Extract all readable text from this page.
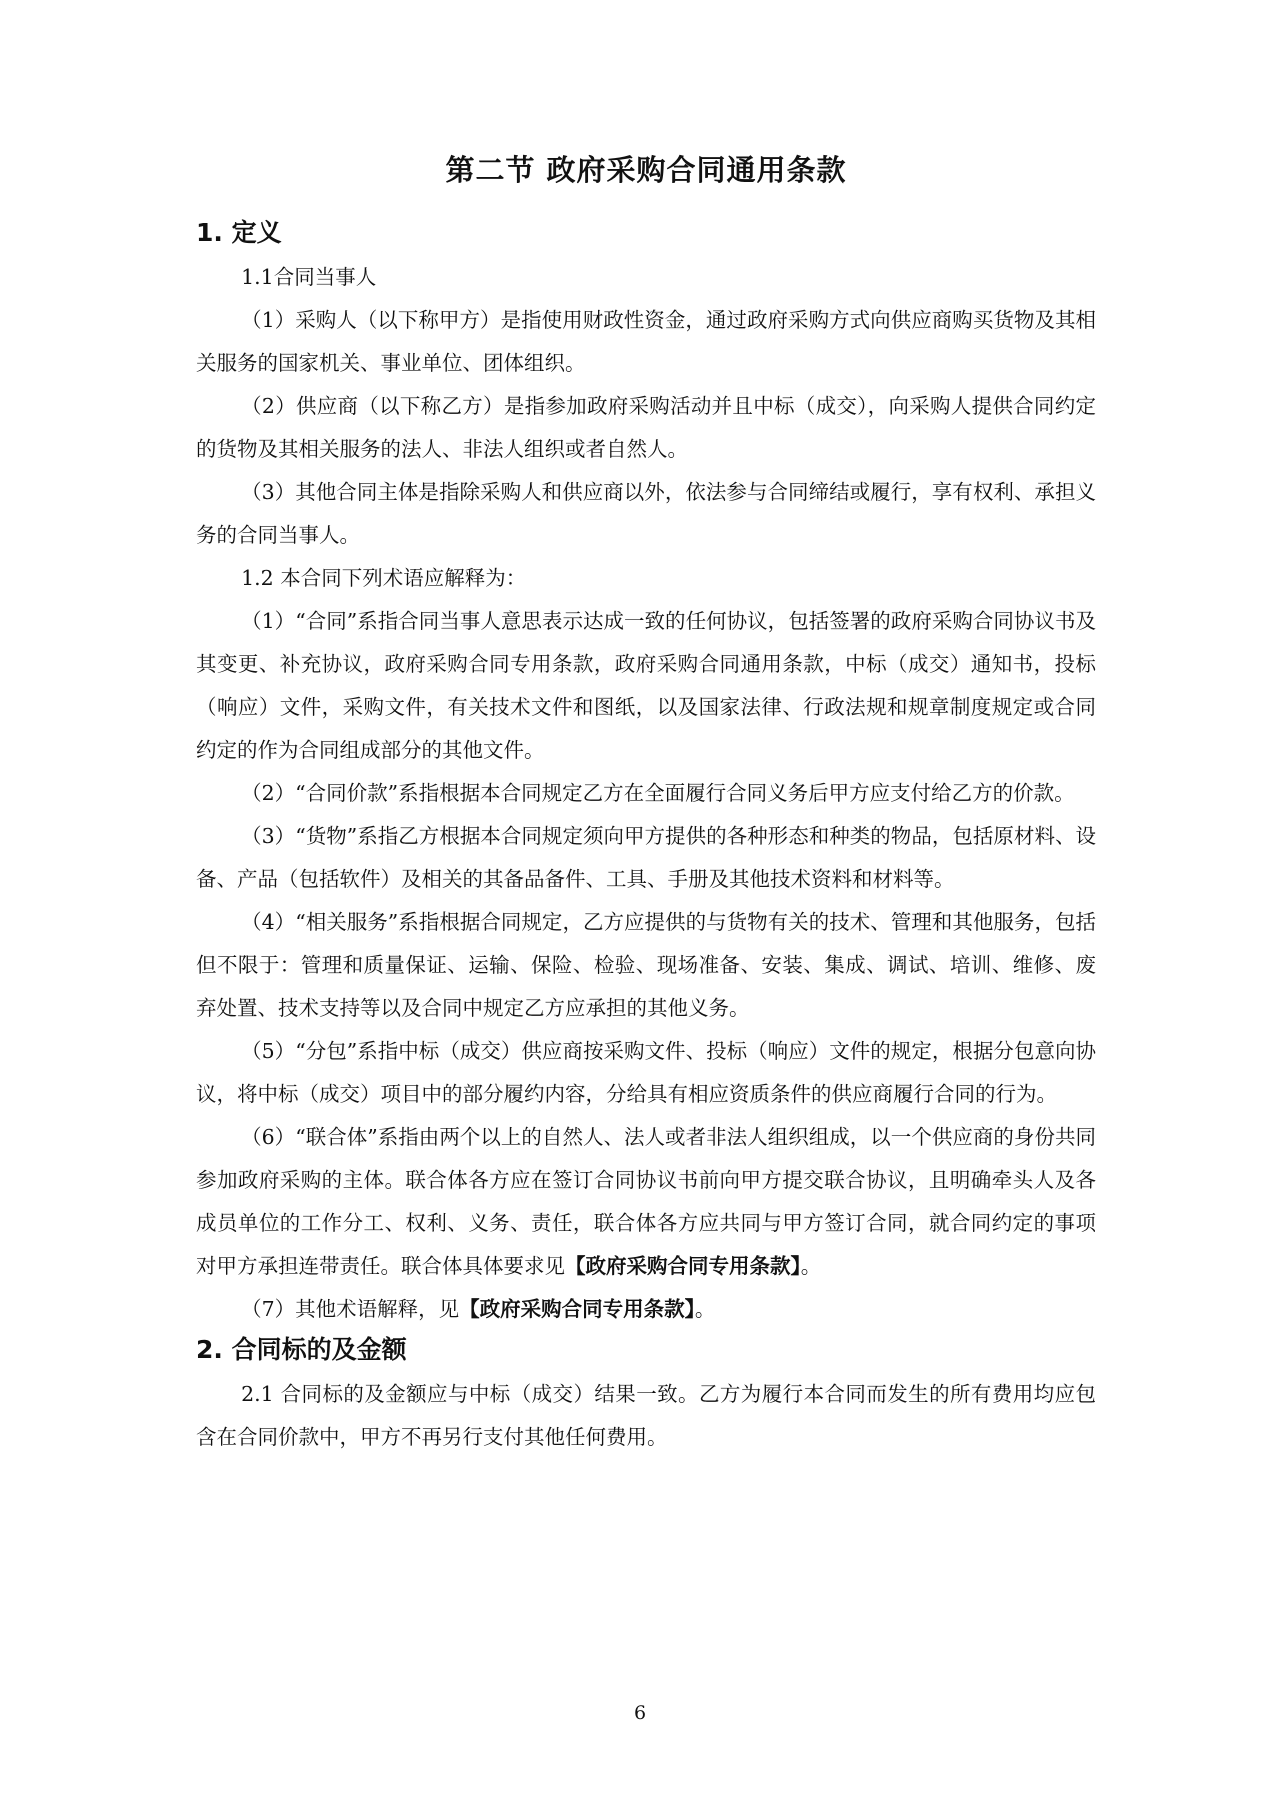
第二节 政府采购合同通用条款
1. 定义

1.1合同当事人

（1）采购人（以下称甲方）是指使用财政性资金，通过政府采购方式向供应商购买货物及其相关服务的国家机关、事业单位、团体组织。

（2）供应商（以下称乙方）是指参加政府采购活动并且中标（成交），向采购人提供合同约定的货物及其相关服务的法人、非法人组织或者自然人。

（3）其他合同主体是指除采购人和供应商以外，依法参与合同缔结或履行，享有权利、承担义务的合同当事人。

1.2 本合同下列术语应解释为：

（1）“合同”系指合同当事人意思表示达成一致的任何协议，包括签署的政府采购合同协议书及其变更、补充协议，政府采购合同专用条款，政府采购合同通用条款，中标（成交）通知书，投标（响应）文件，采购文件，有关技术文件和图纸，以及国家法律、行政法规和规章制度规定或合同约定的作为合同组成部分的其他文件。

（2）“合同价款”系指根据本合同规定乙方在全面履行合同义务后甲方应支付给乙方的价款。

（3）“货物”系指乙方根据本合同规定须向甲方提供的各种形态和种类的物品，包括原材料、设备、产品（包括软件）及相关的其备品备件、工具、手册及其他技术资料和材料等。

（4）“相关服务”系指根据合同规定，乙方应提供的与货物有关的技术、管理和其他服务，包括但不限于：管理和质量保证、运输、保险、检验、现场准备、安装、集成、调试、培训、维修、废弃处置、技术支持等以及合同中规定乙方应承担的其他义务。

（5）“分包”系指中标（成交）供应商按采购文件、投标（响应）文件的规定，根据分包意向协议，将中标（成交）项目中的部分履约内容，分给具有相应资质条件的供应商履行合同的行为。

（6）“联合体”系指由两个以上的自然人、法人或者非法人组织组成，以一个供应商的身份共同参加政府采购的主体。联合体各方应在签订合同协议书前向甲方提交联合协议，且明确牵头人及各成员单位的工作分工、权利、义务、责任，联合体各方应共同与甲方签订合同，就合同约定的事项对甲方承担连带责任。联合体具体要求见【政府采购合同专用条款】。

（7）其他术语解释，见【政府采购合同专用条款】。

2. 合同标的及金额

2.1 合同标的及金额应与中标（成交）结果一致。乙方为履行本合同而发生的所有费用均应包含在合同价款中，甲方不再另行支付其他任何费用。

6
